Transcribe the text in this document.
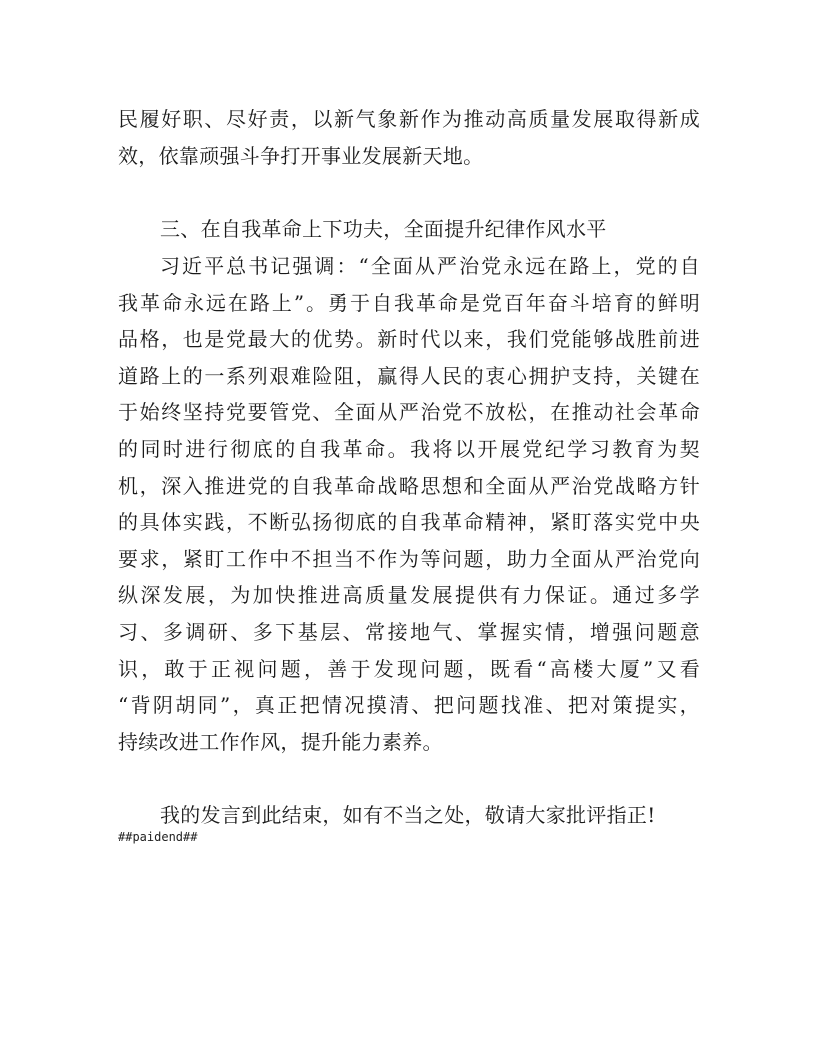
民履好职、尽好责，以新气象新作为推动高质量发展取得新成
效，依靠顽强斗争打开事业发展新天地。
三、在自我革命上下功夫，全面提升纪律作风水平
习近平总书记强调：“全面从严治党永远在路上，党的自
我革命永远在路上”。勇于自我革命是党百年奋斗培育的鲜明
品格，也是党最大的优势。新时代以来，我们党能够战胜前进
道路上的一系列艰难险阻，赢得人民的衷心拥护支持，关键在
于始终坚持党要管党、全面从严治党不放松，在推动社会革命
的同时进行彻底的自我革命。我将以开展党纪学习教育为契
机，深入推进党的自我革命战略思想和全面从严治党战略方针
的具体实践，不断弘扬彻底的自我革命精神，紧盯落实党中央
要求，紧盯工作中不担当不作为等问题，助力全面从严治党向
纵深发展，为加快推进高质量发展提供有力保证。通过多学
习、多调研、多下基层、常接地气、掌握实情，增强问题意
识，敢于正视问题，善于发现问题，既看“高楼大厦”又看
“背阴胡同”，真正把情况摸清、把问题找准、把对策提实，
持续改进工作作风，提升能力素养。
我的发言到此结束，如有不当之处，敬请大家批评指正!
##paidend##
